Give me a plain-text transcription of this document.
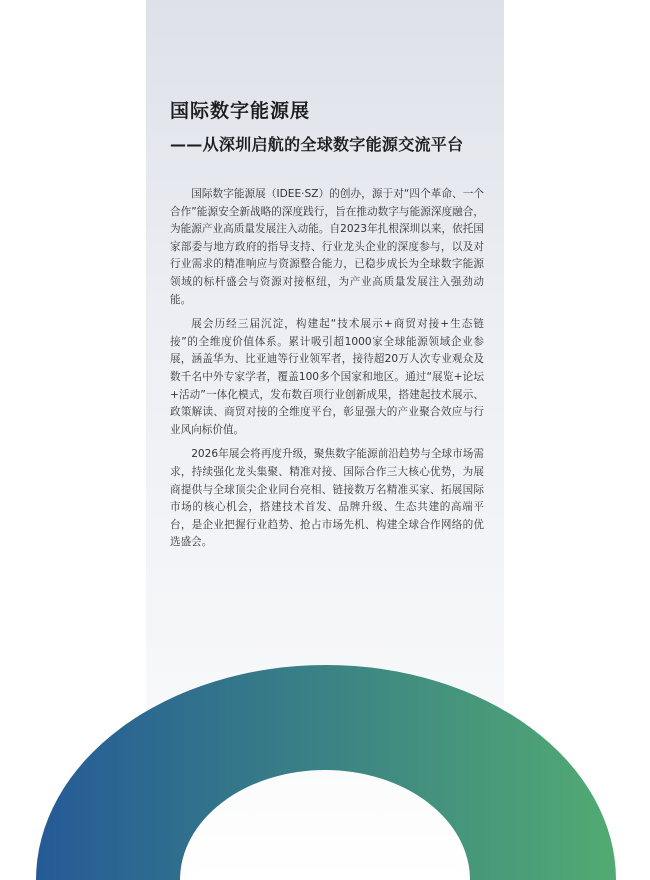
国际数字能源展
——从深圳启航的全球数字能源交流平台

国际数字能源展（IDEE·SZ）的创办，源于对“四个革命、一个合作”能源安全新战略的深度践行，旨在推动数字与能源深度融合，为能源产业高质量发展注入动能。自2023年扎根深圳以来，依托国家部委与地方政府的指导支持、行业龙头企业的深度参与，以及对行业需求的精准响应与资源整合能力，已稳步成长为全球数字能源领域的标杆盛会与资源对接枢纽，为产业高质量发展注入强劲动能。

展会历经三届沉淀，构建起“技术展示+商贸对接+生态链接”的全维度价值体系。累计吸引超1000家全球能源领域企业参展，涵盖华为、比亚迪等行业领军者，接待超20万人次专业观众及数千名中外专家学者，覆盖100多个国家和地区。通过“展览+论坛+活动”一体化模式，发布数百项行业创新成果，搭建起技术展示、政策解读、商贸对接的全维度平台，彰显强大的产业聚合效应与行业风向标价值。

2026年展会将再度升级，聚焦数字能源前沿趋势与全球市场需求，持续强化龙头集聚、精准对接、国际合作三大核心优势，为展商提供与全球顶尖企业同台亮相、链接数万名精准买家、拓展国际市场的核心机会，搭建技术首发、品牌升级、生态共建的高端平台，是企业把握行业趋势、抢占市场先机、构建全球合作网络的优选盛会。
